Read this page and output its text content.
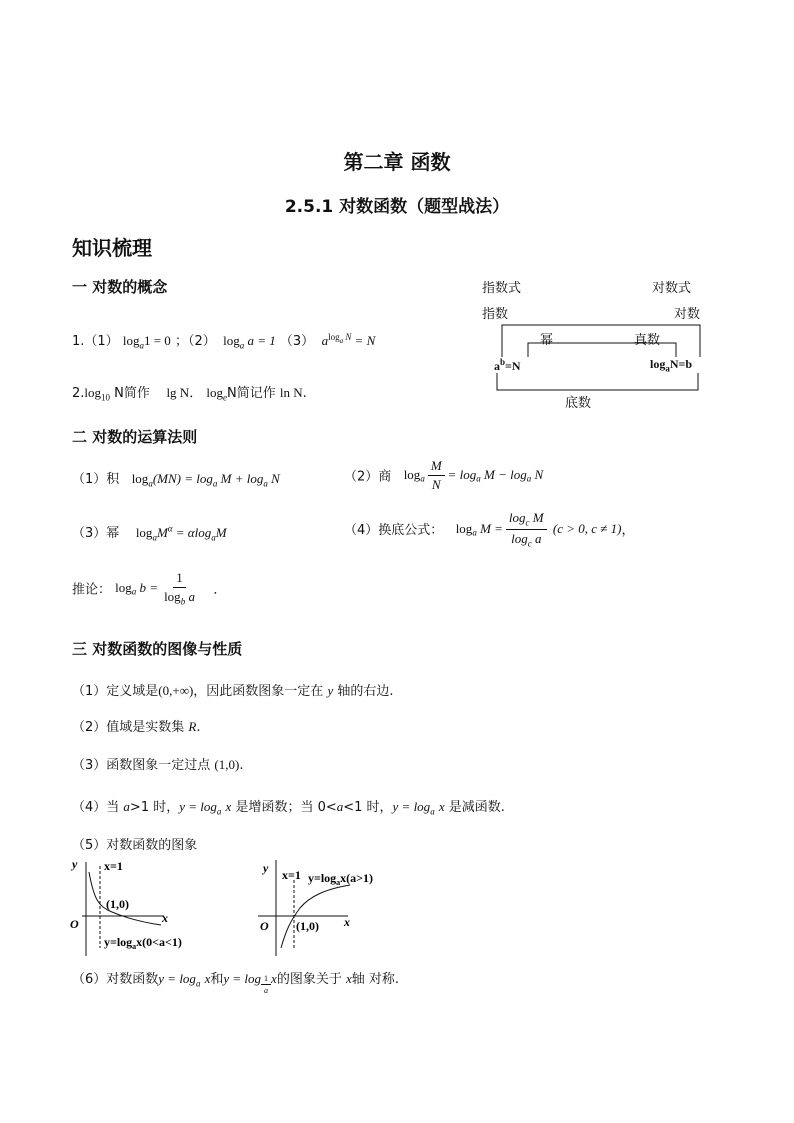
第二章 函数
2.5.1 对数函数（题型战法）
知识梳理
一 对数的概念
1.（1） $\log_a1 = 0$ ；（2） $\log_a a = 1$ （3） $a^{log_a N} = N$
$2.\log_{10}$ N简作 lg N． $\log_eN$简记作 ln N.
指数式	对数式
指数	对数
幂	真数
底数
$a^b=N$	$\log_aN=b$
二 对数的运算法则
（1）积 $\log_a(MN) = \log_a M + \log_a N$	（2）商 $\log_a \frac{M}{N} = \log_a M - \log_a N$
（3）幂 $\log_aM^\alpha = \alpha\log_aM$	（4）换底公式： $\log_a M = \frac{\log_c M}{\log_c a} (c > 0$, c ≠ 1)，
推论： $\log_a b = \frac{1}{\log_b a}$ ．
三 对数函数的图像与性质
（1）定义域是(0,+∞)，因此函数图象一定在 y 轴的右边.
（2）值域是实数集 R.
（3）函数图象一定过点 (1,0).
（4）当 a>1 时，$y = \log_a x$ 是增函数；当 0<a<1 时，$y = \log_a x$ 是减函数.
（5）对数函数的图象
y
x
O
x=1
(1,0)
$y=\log_ax(0<a<1)$
y
x
O
x=1
(1,0)
$y=\log_ax(a>1)$
（6）对数函数$y = \log_a x$和y = log $_{\frac{1}{a}}$ x的图象关于 x轴 对称.
